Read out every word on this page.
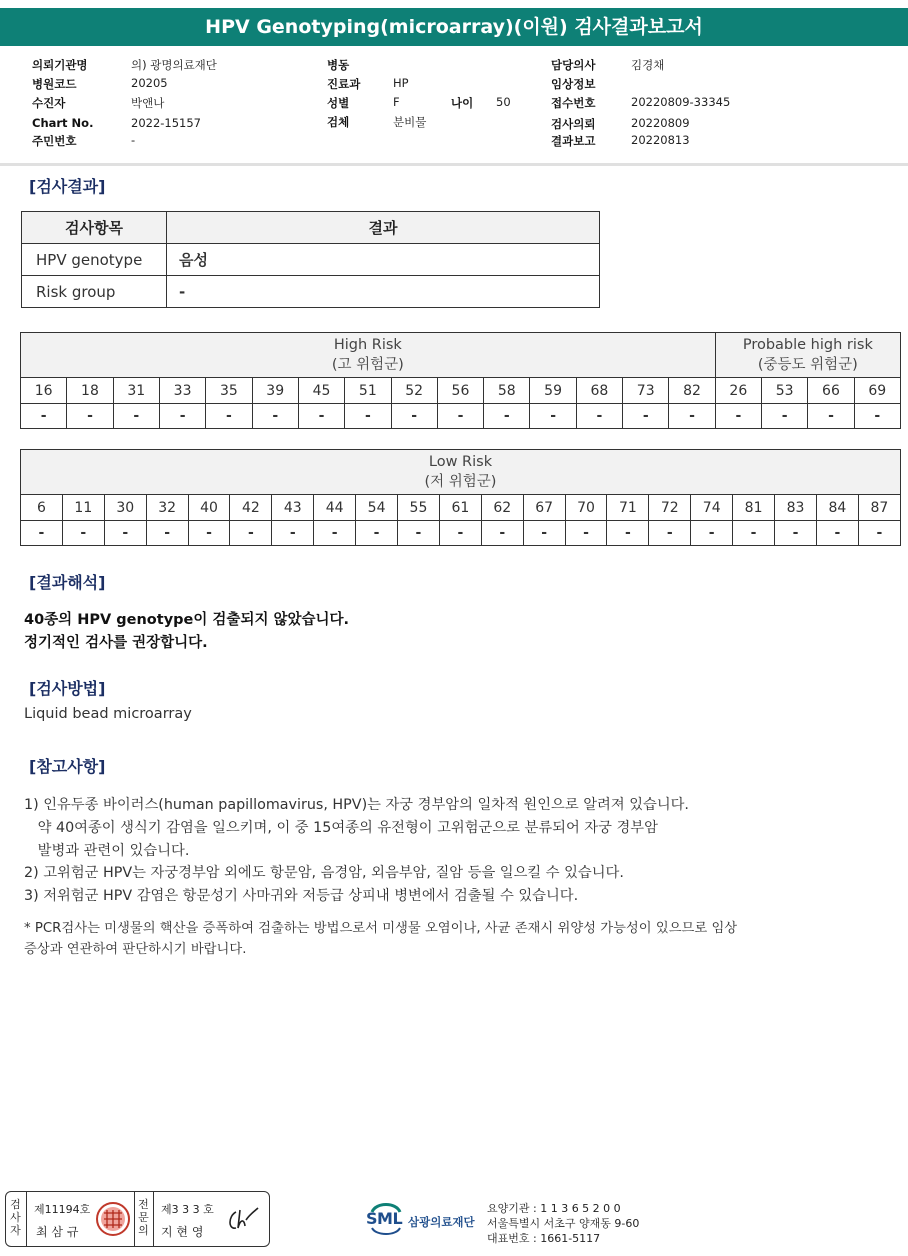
HPV Genotyping(microarray)(이원) 검사결과보고서
의뢰기관명	의) 광명의료재단
병원코드	20205
수진자	박앤나
Chart No.	2022-15157
주민번호	-
병동
진료과	HP
성별	F
검체	분비물
나이 50
담당의사	김경채
임상정보
접수번호	20220809-33345
검사의뢰	20220809
결과보고	20220813
[검사결과]
검사항목	결과
HPV genotype	음성
Risk group	-
High Risk
(고 위험군)															Probable high risk
(중등도 위험군)			
16	18	31	33	35	39	45	51	52	56	58	59	68	73	82	26	53	66	69
-	-	-	-	-	-	-	-	-	-	-	-	-	-	-	-	-	-	-
Low Risk
(저 위험군)																				
6	11	30	32	40	42	43	44	54	55	61	62	67	70	71	72	74	81	83	84	87
-	-	-	-	-	-	-	-	-	-	-	-	-	-	-	-	-	-	-	-	-
[결과해석]
40종의 HPV genotype이 검출되지 않았습니다.
정기적인 검사를 권장합니다.
[검사방법]
Liquid bead microarray
[참고사항]
1) 인유두종 바이러스(human papillomavirus, HPV)는 자궁 경부암의 일차적 원인으로 알려져 있습니다.
약 40여종이 생식기 감염을 일으키며, 이 중 15여종의 유전형이 고위험군으로 분류되어 자궁 경부암
발병과 관련이 있습니다.
2) 고위험군 HPV는 자궁경부암 외에도 항문암, 음경암, 외음부암, 질암 등을 일으킬 수 있습니다.
3) 저위험군 HPV 감염은 항문성기 사마귀와 저등급 상피내 병변에서 검출될 수 있습니다.
* PCR검사는 미생물의 핵산을 증폭하여 검출하는 방법으로서 미생물 오염이나, 사균 존재시 위양성 가능성이 있으므로 임상
증상과 연관하여 판단하시기 바랍니다.
검사자
제11194호
최 삼 규
전문의
제3 3 3 호
지 현 영
SML 삼광의료재단
요양기관 : 1 1 3 6 5 2 0 0
서울특별시 서초구 양재동 9-60
대표번호 : 1661-5117
